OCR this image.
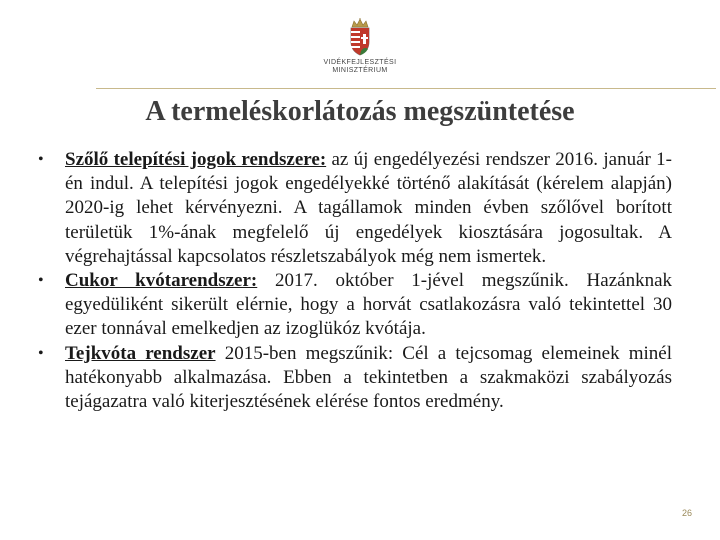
VIDÉKFEJLESZTÉSI
MINISZTÉRIUM
A termeléskorlátozás megszüntetése
• Szőlő telepítési jogok rendszere: az új engedélyezési rendszer 2016. január 1-én indul. A telepítési jogok engedélyekké történő alakítását (kérelem alapján) 2020-ig lehet kérvényezni. A tagállamok minden évben szőlővel borított területük 1%-ának megfelelő új engedélyek kiosztására jogosultak. A végrehajtással kapcsolatos részletszabályok még nem ismertek.
• Cukor kvótarendszer: 2017. október 1-jével megszűnik. Hazánknak egyedüliként sikerült elérnie, hogy a horvát csatlakozásra való tekintettel 30 ezer tonnával emelkedjen az izoglükóz kvótája.
• Tejkvóta rendszer 2015-ben megszűnik: Cél a tejcsomag elemeinek minél hatékonyabb alkalmazása. Ebben a tekintetben a szakmaközi szabályozás tejágazatra való kiterjesztésének elérése fontos eredmény.
26
